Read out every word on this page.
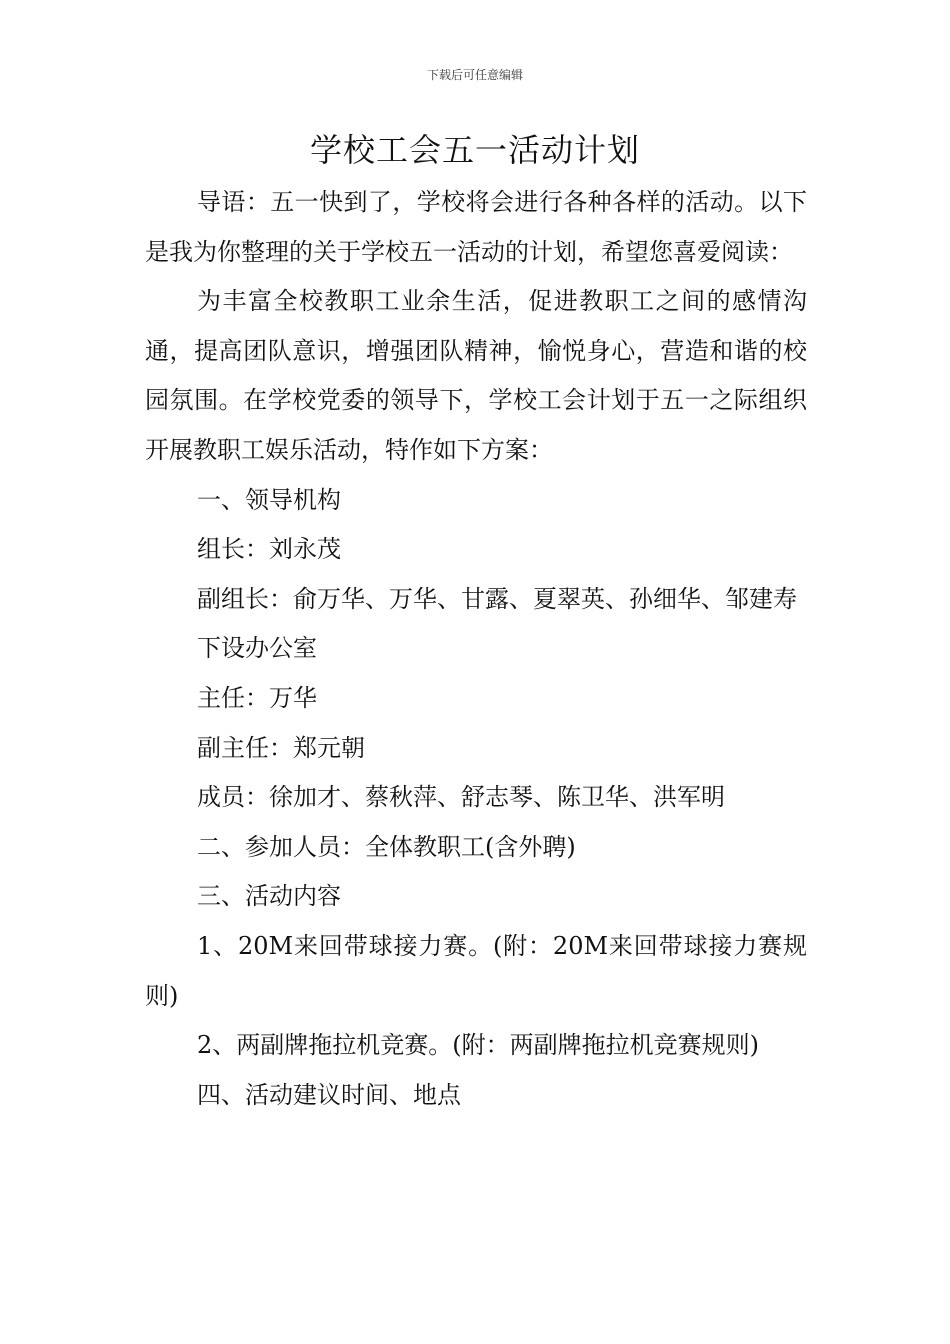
下载后可任意编辑
学校工会五一活动计划

导语：五一快到了，学校将会进行各种各样的活动。以下是我为你整理的关于学校五一活动的计划，希望您喜爱阅读：

为丰富全校教职工业余生活，促进教职工之间的感情沟通，提高团队意识，增强团队精神，愉悦身心，营造和谐的校园氛围。在学校党委的领导下，学校工会计划于五一之际组织开展教职工娱乐活动，特作如下方案：

一、领导机构

组长：刘永茂

副组长：俞万华、万华、甘露、夏翠英、孙细华、邹建寿

下设办公室

主任：万华

副主任：郑元朝

成员：徐加才、蔡秋萍、舒志琴、陈卫华、洪军明

二、参加人员：全体教职工(含外聘)

三、活动内容

1、20M来回带球接力赛。(附：20M来回带球接力赛规则)

2、两副牌拖拉机竞赛。(附：两副牌拖拉机竞赛规则)

四、活动建议时间、地点
